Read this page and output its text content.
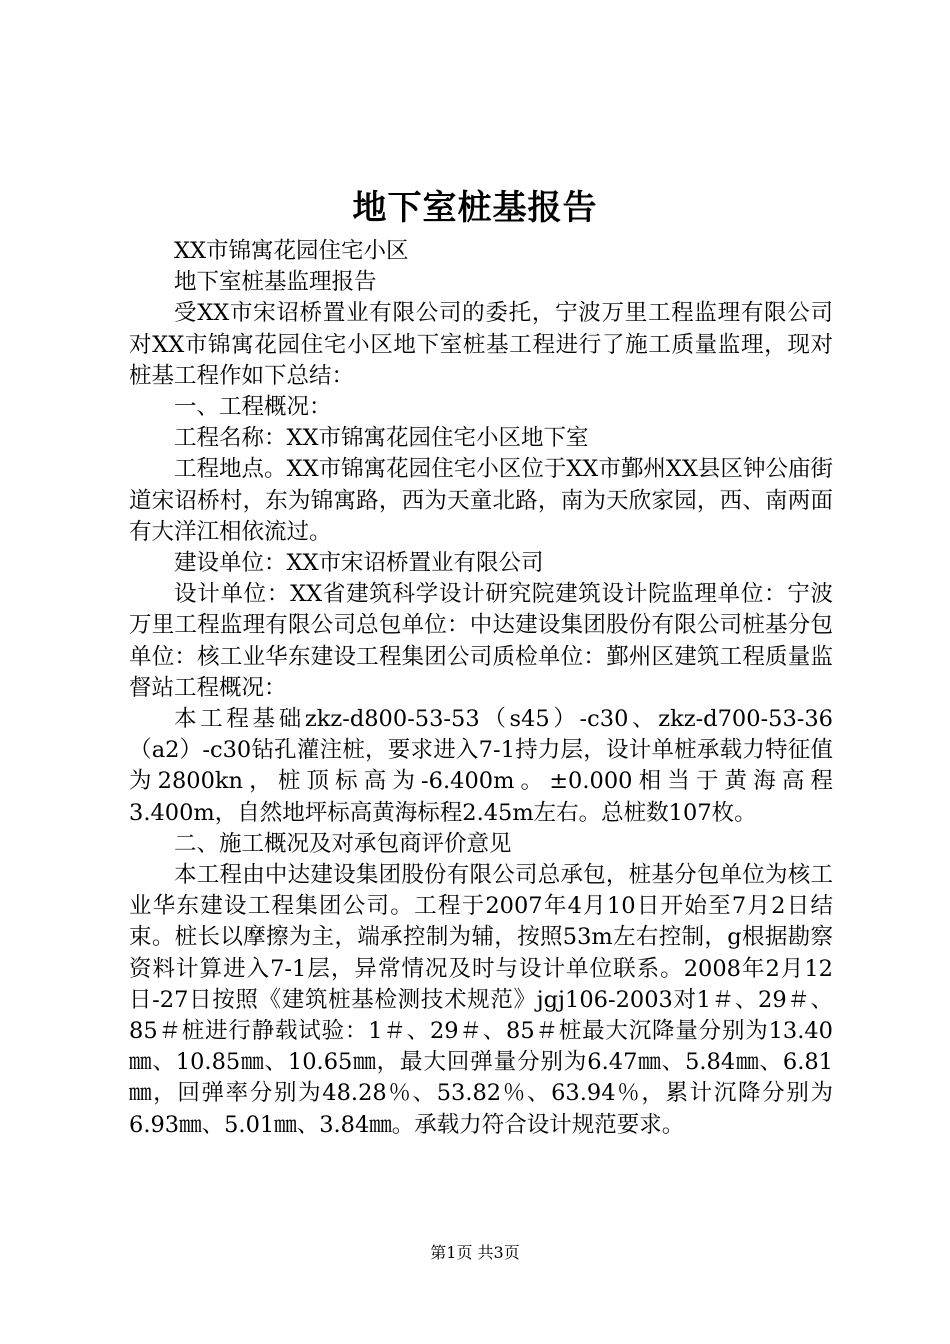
地下室桩基报告

XX市锦寓花园住宅小区

地下室桩基监理报告

受XX市宋诏桥置业有限公司的委托，宁波万里工程监理有限公司对XX市锦寓花园住宅小区地下室桩基工程进行了施工质量监理，现对桩基工程作如下总结：

一、工程概况：

工程名称：XX市锦寓花园住宅小区地下室

工程地点。XX市锦寓花园住宅小区位于XX市鄞州XX县区钟公庙街道宋诏桥村，东为锦寓路，西为天童北路，南为天欣家园，西、南两面有大洋江相依流过。

建设单位：XX市宋诏桥置业有限公司

设计单位：XX省建筑科学设计研究院建筑设计院监理单位：宁波万里工程监理有限公司总包单位：中达建设集团股份有限公司桩基分包单位：核工业华东建设工程集团公司质检单位：鄞州区建筑工程质量监督站工程概况：

本工程基础zkz-d800-53-53（s45）-c30、zkz-d700-53-36（a2）-c30钻孔灌注桩，要求进入7-1持力层，设计单桩承载力特征值为2800kn，桩顶标高为-6.400m。±0.000相当于黄海高程3.400m，自然地坪标高黄海标程2.45m左右。总桩数107枚。

二、施工概况及对承包商评价意见

本工程由中达建设集团股份有限公司总承包，桩基分包单位为核工业华东建设工程集团公司。工程于2007年4月10日开始至7月2日结束。桩长以摩擦为主，端承控制为辅，按照53m左右控制，g根据勘察资料计算进入7-1层，异常情况及时与设计单位联系。2008年2月12日-27日按照《建筑桩基检测技术规范》jgj106-2003对1＃、29＃、85＃桩进行静载试验：1＃、29＃、85＃桩最大沉降量分别为13.40㎜、10.85㎜、10.65㎜，最大回弹量分别为6.47㎜、5.84㎜、6.81㎜，回弹率分别为48.28％、53.82％、63.94％，累计沉降分别为6.93㎜、5.01㎜、3.84㎜。承载力符合设计规范要求。

第1页 共3页
